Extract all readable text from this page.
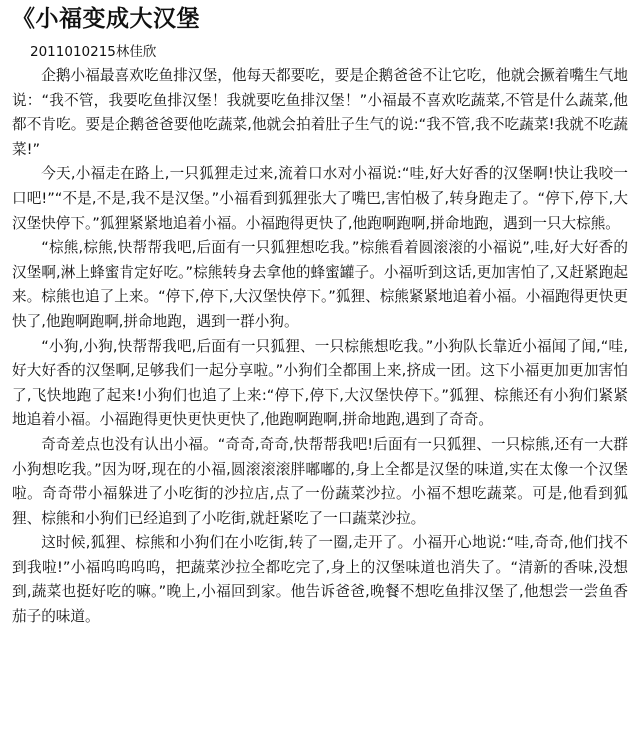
《小福变成大汉堡
2011010215林佳欣

企鹅小福最喜欢吃鱼排汉堡，他每天都要吃，要是企鹅爸爸不让它吃，他就会撅着嘴生气地说：“我不管，我要吃鱼排汉堡！我就要吃鱼排汉堡！”小福最不喜欢吃蔬菜,不管是什么蔬菜,他都不肯吃。要是企鹅爸爸要他吃蔬菜,他就会拍着肚子生气的说:“我不管,我不吃蔬菜!我就不吃蔬菜!”

今天,小福走在路上,一只狐狸走过来,流着口水对小福说:“哇,好大好香的汉堡啊!快让我咬一口吧!”“不是,不是,我不是汉堡。”小福看到狐狸张大了嘴巴,害怕极了,转身跑走了。“停下,停下,大汉堡快停下。”狐狸紧紧地追着小福。小福跑得更快了,他跑啊跑啊,拼命地跑，遇到一只大棕熊。

“棕熊,棕熊,快帮帮我吧,后面有一只狐狸想吃我。”棕熊看着圆滚滚的小福说”,哇,好大好香的汉堡啊,淋上蜂蜜肯定好吃。”棕熊转身去拿他的蜂蜜罐子。小福听到这话,更加害怕了,又赶紧跑起来。棕熊也追了上来。“停下,停下,大汉堡快停下。”狐狸、棕熊紧紧地追着小福。小福跑得更快更快了,他跑啊跑啊,拼命地跑，遇到一群小狗。

“小狗,小狗,快帮帮我吧,后面有一只狐狸、一只棕熊想吃我。”小狗队长靠近小福闻了闻,“哇,好大好香的汉堡啊,足够我们一起分享啦。”小狗们全都围上来,挤成一团。这下小福更加更加害怕了,飞快地跑了起来!小狗们也追了上来:“停下,停下,大汉堡快停下。”狐狸、棕熊还有小狗们紧紧地追着小福。小福跑得更快更快更快了,他跑啊跑啊,拼命地跑,遇到了奇奇。

奇奇差点也没有认出小福。“奇奇,奇奇,快帮帮我吧!后面有一只狐狸、一只棕熊,还有一大群小狗想吃我。”因为呀,现在的小福,圆滚滚滚胖嘟嘟的,身上全都是汉堡的味道,实在太像一个汉堡啦。奇奇带小福躲进了小吃街的沙拉店,点了一份蔬菜沙拉。小福不想吃蔬菜。可是,他看到狐狸、棕熊和小狗们已经追到了小吃街,就赶紧吃了一口蔬菜沙拉。

这时候,狐狸、棕熊和小狗们在小吃街,转了一圈,走开了。小福开心地说:“哇,奇奇,他们找不到我啦!”小福呜呜呜呜，把蔬菜沙拉全都吃完了,身上的汉堡味道也消失了。“清新的香味,没想到,蔬菜也挺好吃的嘛。”晚上,小福回到家。他告诉爸爸,晚餐不想吃鱼排汉堡了,他想尝一尝鱼香茄子的味道。
